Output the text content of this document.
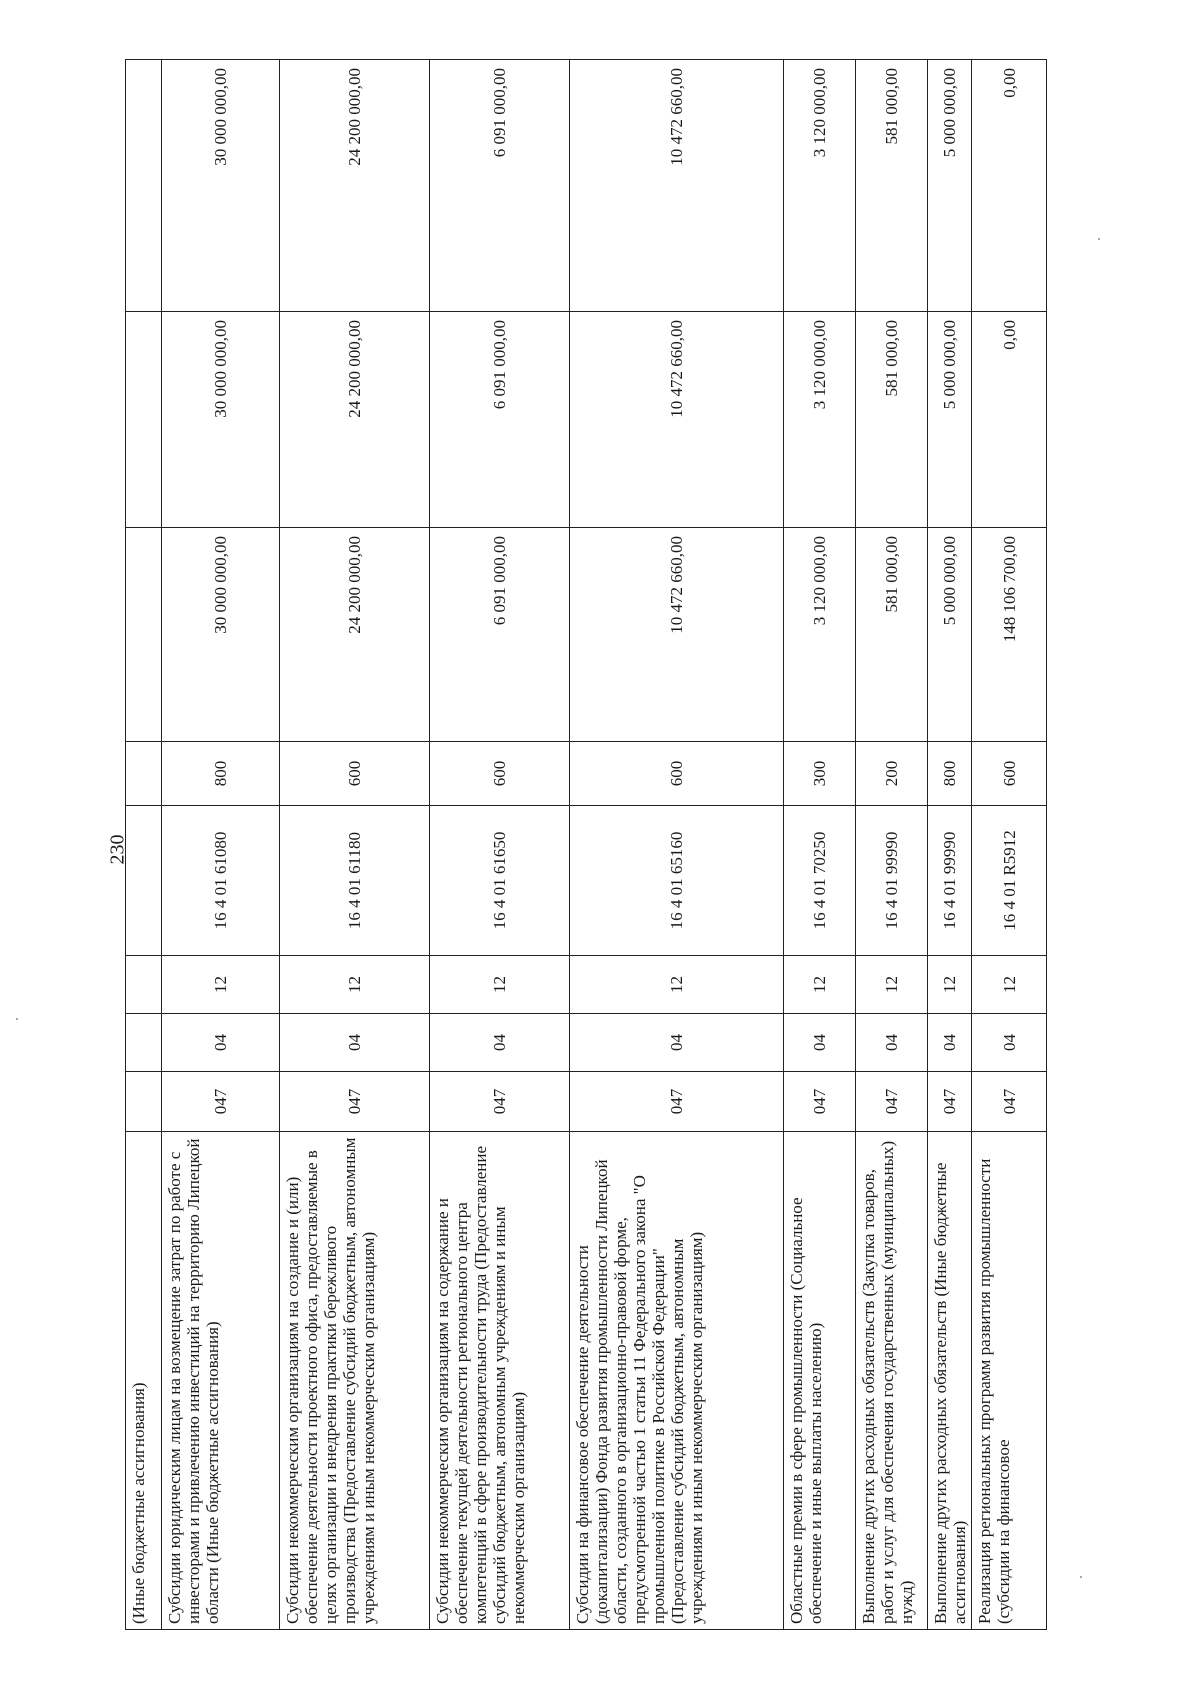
230
(Иные бюджетные ассигнования)								
Субсидии юридическим лицам на возмещение затрат по работе с инвесторами и привлечению инвестиций на территорию Липецкой области (Иные бюджетные ассигнования)	047	04	12	16 4 01 61080	800	30 000 000,00	30 000 000,00	30 000 000,00
Субсидии некоммерческим организациям на создание и (или) обеспечение деятельности проектного офиса, предоставляемые в целях организации и внедрения практики бережливого производства (Предоставление субсидий бюджетным, автономным учреждениям и иным некоммерческим организациям)	047	04	12	16 4 01 61180	600	24 200 000,00	24 200 000,00	24 200 000,00
Субсидии некоммерческим организациям на содержание и обеспечение текущей деятельности регионального центра компетенций в сфере производительности труда (Предоставление субсидий бюджетным, автономным учреждениям и иным некоммерческим организациям)	047	04	12	16 4 01 61650	600	6 091 000,00	6 091 000,00	6 091 000,00
Субсидии на финансовое обеспечение деятельности (докапитализации) Фонда развития промышленности Липецкой области, созданного в организационно-правовой форме, предусмотренной частью 1 статьи 11 Федерального закона "О промышленной политике в Российской Федерации" (Предоставление субсидий бюджетным, автономным учреждениям и иным некоммерческим организациям)	047	04	12	16 4 01 65160	600	10 472 660,00	10 472 660,00	10 472 660,00
Областные премии в сфере промышленности (Социальное обеспечение и иные выплаты населению)	047	04	12	16 4 01 70250	300	3 120 000,00	3 120 000,00	3 120 000,00
Выполнение других расходных обязательств (Закупка товаров, работ и услуг для обеспечения государственных (муниципальных) нужд)	047	04	12	16 4 01 99990	200	581 000,00	581 000,00	581 000,00
Выполнение других расходных обязательств (Иные бюджетные ассигнования)	047	04	12	16 4 01 99990	800	5 000 000,00	5 000 000,00	5 000 000,00
Реализация региональных программ развития промышленности (субсидии на финансовое	047	04	12	16 4 01 R5912	600	148 106 700,00	0,00	0,00
